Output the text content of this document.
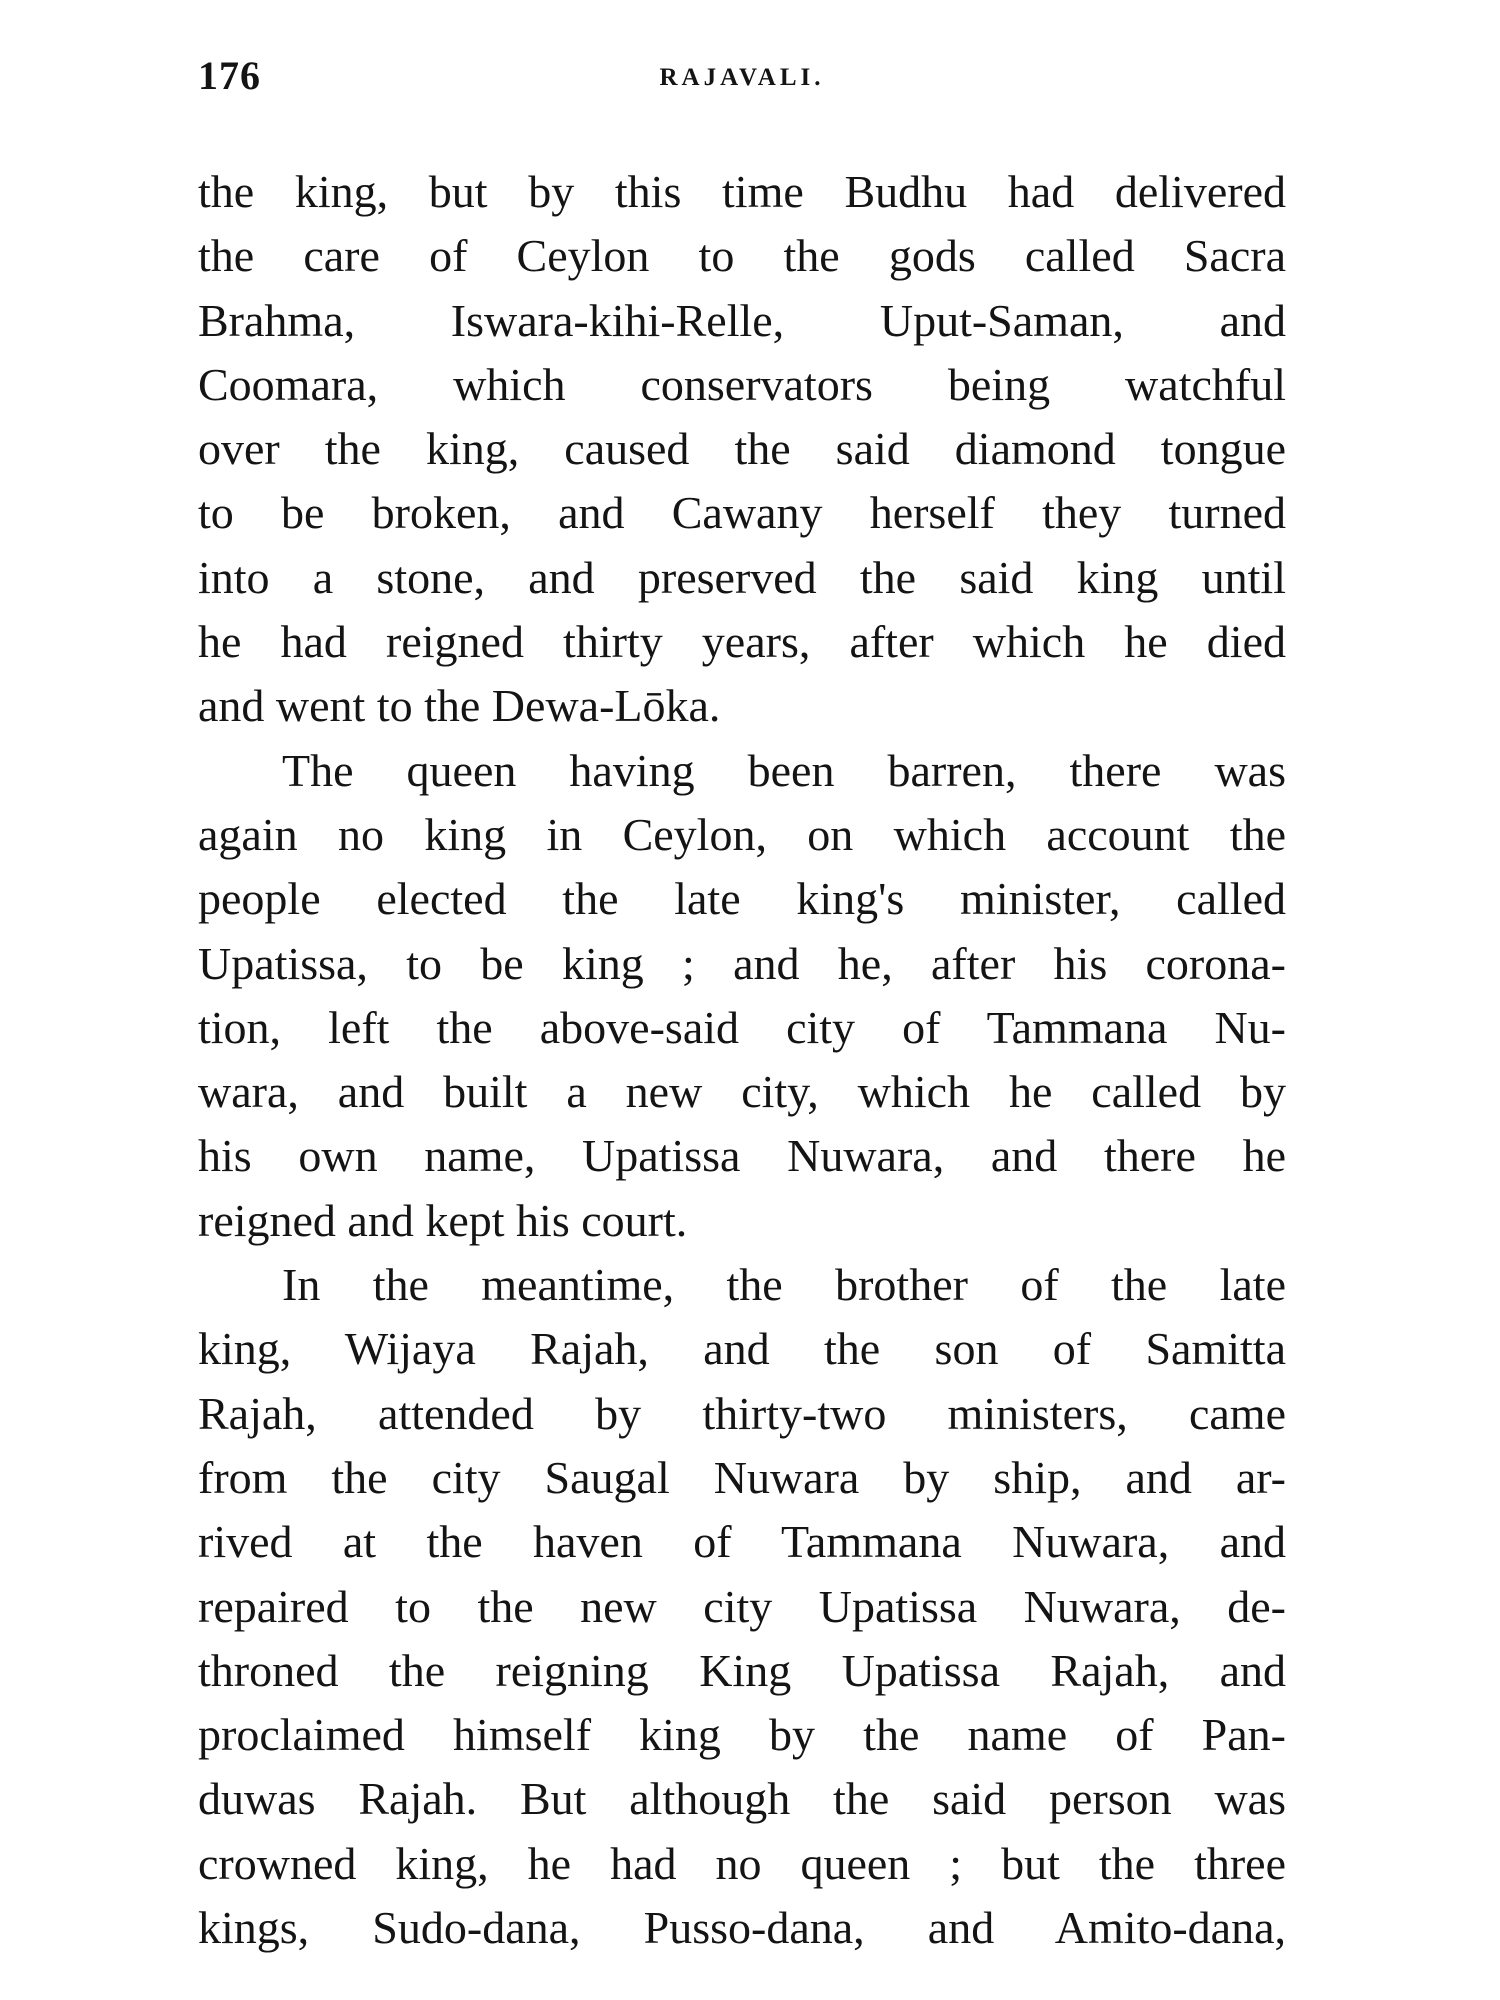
176	RAJAVALI.
the king, but by this time Budhu had delivered
the care of Ceylon to the gods called Sacra
Brahma, Iswara-kihi-Relle, Uput-Saman, and
Coomara, which conservators being watchful
over the king, caused the said diamond tongue
to be broken, and Cawany herself they turned
into a stone, and preserved the said king until
he had reigned thirty years, after which he died
and went to the Dewa-Lōka.
The queen having been barren, there was
again no king in Ceylon, on which account the
people elected the late king's minister, called
Upatissa, to be king ; and he, after his corona-
tion, left the above-said city of Tammana Nu-
wara, and built a new city, which he called by
his own name, Upatissa Nuwara, and there he
reigned and kept his court.
In the meantime, the brother of the late
king, Wijaya Rajah, and the son of Samitta
Rajah, attended by thirty-two ministers, came
from the city Saugal Nuwara by ship, and ar-
rived at the haven of Tammana Nuwara, and
repaired to the new city Upatissa Nuwara, de-
throned the reigning King Upatissa Rajah, and
proclaimed himself king by the name of Pan-
duwas Rajah. But although the said person was
crowned king, he had no queen ; but the three
kings, Sudo-dana, Pusso-dana, and Amito-dana,
